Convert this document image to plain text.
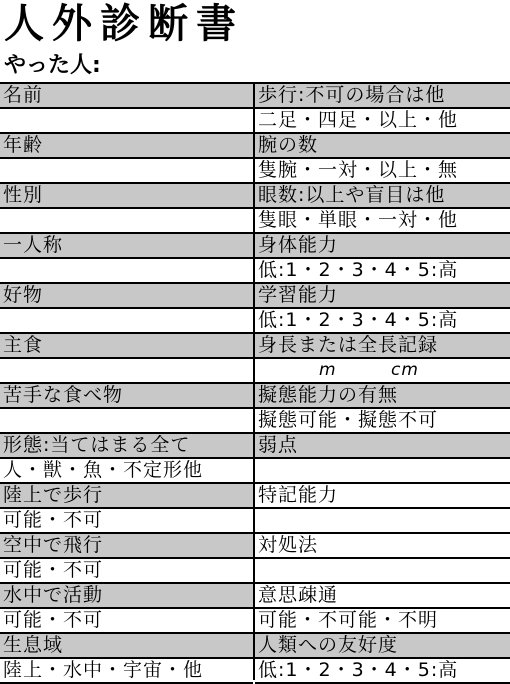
人外診断書
やった人:
名前
年齢
性別
一人称
好物
主食
苦手な食べ物
形態:当てはまる全て
人・獣・魚・不定形他
陸上で歩行
可能・不可
空中で飛行
可能・不可
水中で活動
可能・不可
生息域
陸上・水中・宇宙・他
歩行:不可の場合は他
二足・四足・以上・他
腕の数
隻腕・一対・以上・無
眼数:以上や盲目は他
隻眼・単眼・一対・他
身体能力
低:1・2・3・4・5:高
学習能力
低:1・2・3・4・5:高
身長または全長記録
m	cm
擬態能力の有無
擬態可能・擬態不可
弱点
特記能力
対処法
意思疎通
可能・不可能・不明
人類への友好度
低:1・2・3・4・5:高
